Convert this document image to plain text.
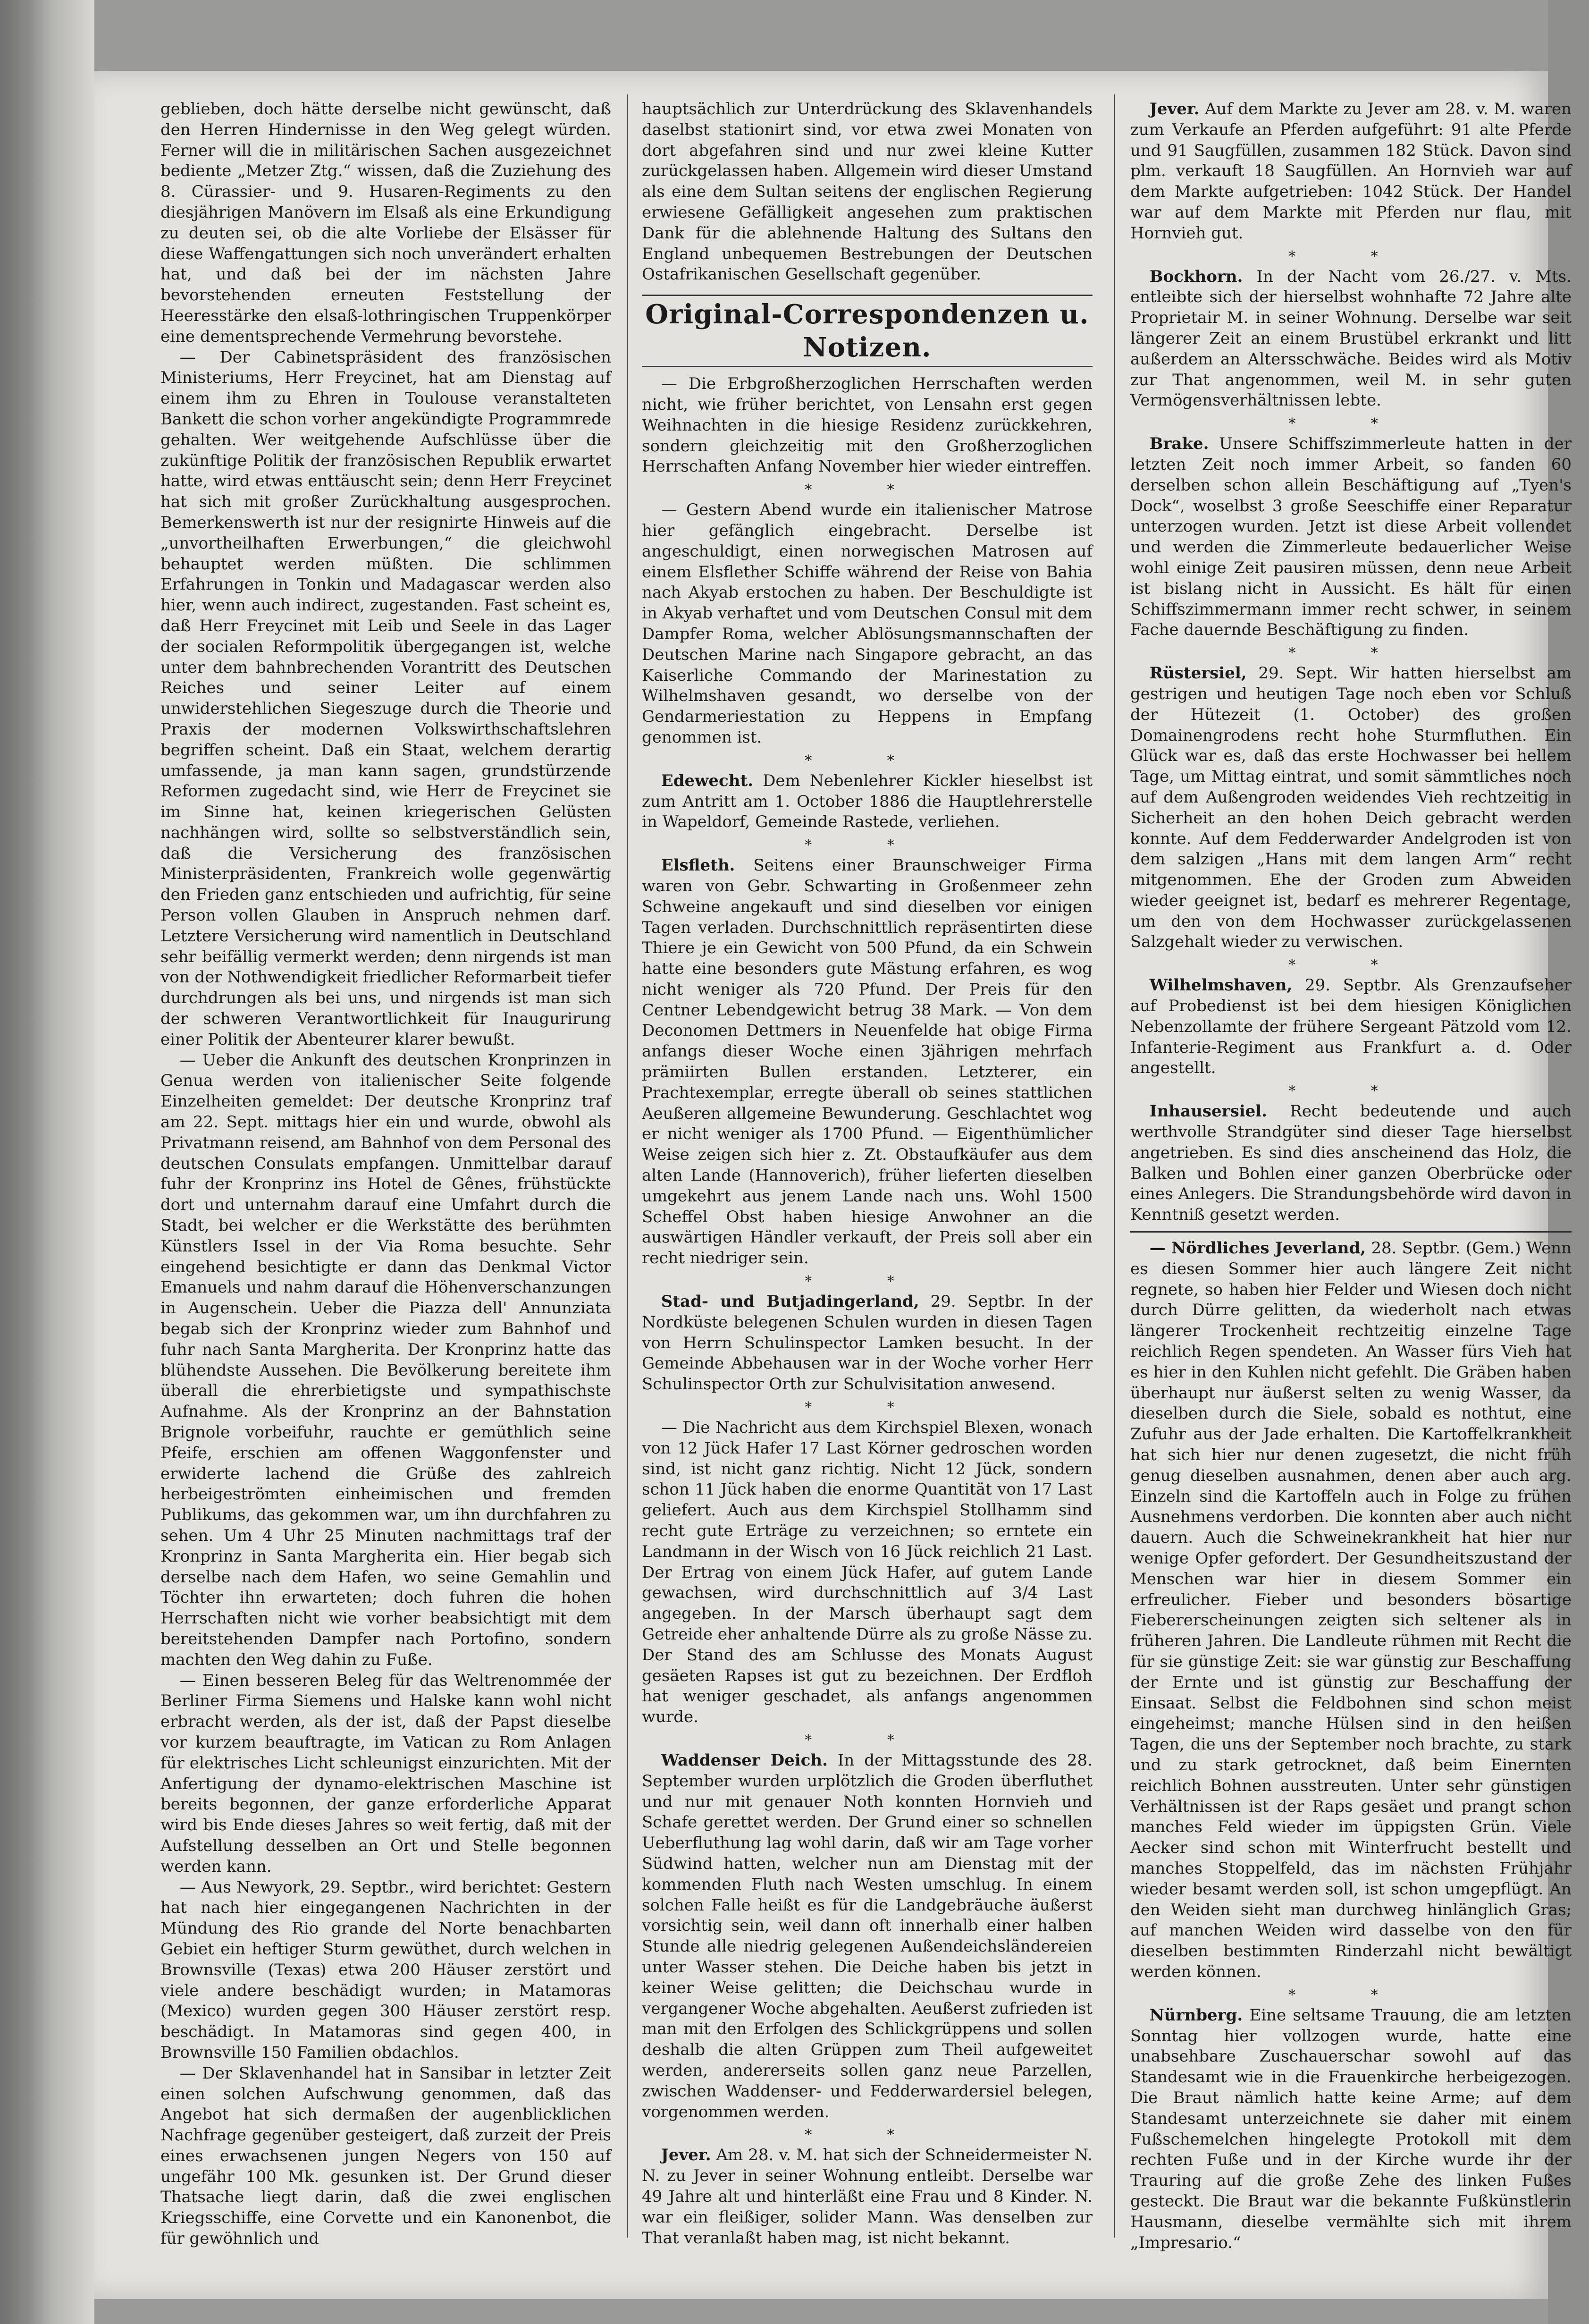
geblieben, doch hätte derselbe nicht gewünscht, daß den Herren Hindernisse in den Weg gelegt würden. Ferner will die in militärischen Sachen ausgezeichnet bediente „Metzer Ztg.“ wissen, daß die Zuziehung des 8. Cürassier- und 9. Husaren-Regiments zu den diesjährigen Manövern im Elsaß als eine Erkundigung zu deuten sei, ob die alte Vorliebe der Elsässer für diese Waffengattungen sich noch unverändert erhalten hat, und daß bei der im nächsten Jahre bevorstehenden erneuten Feststellung der Heeresstärke den elsaß-lothringischen Truppenkörper eine dementsprechende Vermehrung bevorstehe.

— Der Cabinetspräsident des französischen Ministeriums, Herr Freycinet, hat am Dienstag auf einem ihm zu Ehren in Toulouse veranstalteten Bankett die schon vorher angekündigte Programmrede gehalten. Wer weitgehende Aufschlüsse über die zukünftige Politik der französischen Republik erwartet hatte, wird etwas enttäuscht sein; denn Herr Freycinet hat sich mit großer Zurückhaltung ausgesprochen. Bemerkenswerth ist nur der resignirte Hinweis auf die „unvortheilhaften Erwerbungen,“ die gleichwohl behauptet werden müßten. Die schlimmen Erfahrungen in Tonkin und Madagascar werden also hier, wenn auch indirect, zugestanden. Fast scheint es, daß Herr Freycinet mit Leib und Seele in das Lager der socialen Reformpolitik übergegangen ist, welche unter dem bahnbrechenden Vorantritt des Deutschen Reiches und seiner Leiter auf einem unwiderstehlichen Siegeszuge durch die Theorie und Praxis der modernen Volkswirthschaftslehren begriffen scheint. Daß ein Staat, welchem derartig umfassende, ja man kann sagen, grundstürzende Reformen zugedacht sind, wie Herr de Freycinet sie im Sinne hat, keinen kriegerischen Gelüsten nachhängen wird, sollte so selbstverständlich sein, daß die Versicherung des französischen Ministerpräsidenten, Frankreich wolle gegenwärtig den Frieden ganz entschieden und aufrichtig, für seine Person vollen Glauben in Anspruch nehmen darf. Letztere Versicherung wird namentlich in Deutschland sehr beifällig vermerkt werden; denn nirgends ist man von der Nothwendigkeit friedlicher Reformarbeit tiefer durchdrungen als bei uns, und nirgends ist man sich der schweren Verantwortlichkeit für Inaugurirung einer Politik der Abenteurer klarer bewußt.

— Ueber die Ankunft des deutschen Kronprinzen in Genua werden von italienischer Seite folgende Einzelheiten gemeldet: Der deutsche Kronprinz traf am 22. Sept. mittags hier ein und wurde, obwohl als Privatmann reisend, am Bahnhof von dem Personal des deutschen Consulats empfangen. Unmittelbar darauf fuhr der Kronprinz ins Hotel de Gênes, frühstückte dort und unternahm darauf eine Umfahrt durch die Stadt, bei welcher er die Werkstätte des berühmten Künstlers Issel in der Via Roma besuchte. Sehr eingehend besichtigte er dann das Denkmal Victor Emanuels und nahm darauf die Höhenverschanzungen in Augenschein. Ueber die Piazza dell' Annunziata begab sich der Kronprinz wieder zum Bahnhof und fuhr nach Santa Margherita. Der Kronprinz hatte das blühendste Aussehen. Die Bevölkerung bereitete ihm überall die ehrerbietigste und sympathischste Aufnahme. Als der Kronprinz an der Bahnstation Brignole vorbeifuhr, rauchte er gemüthlich seine Pfeife, erschien am offenen Waggonfenster und erwiderte lachend die Grüße des zahlreich herbeigeströmten einheimischen und fremden Publikums, das gekommen war, um ihn durchfahren zu sehen. Um 4 Uhr 25 Minuten nachmittags traf der Kronprinz in Santa Margherita ein. Hier begab sich derselbe nach dem Hafen, wo seine Gemahlin und Töchter ihn erwarteten; doch fuhren die hohen Herrschaften nicht wie vorher beabsichtigt mit dem bereitstehenden Dampfer nach Portofino, sondern machten den Weg dahin zu Fuße.

— Einen besseren Beleg für das Weltrenommée der Berliner Firma Siemens und Halske kann wohl nicht erbracht werden, als der ist, daß der Papst dieselbe vor kurzem beauftragte, im Vatican zu Rom Anlagen für elektrisches Licht schleunigst einzurichten. Mit der Anfertigung der dynamo-elektrischen Maschine ist bereits begonnen, der ganze erforderliche Apparat wird bis Ende dieses Jahres so weit fertig, daß mit der Aufstellung desselben an Ort und Stelle begonnen werden kann.

— Aus Newyork, 29. Septbr., wird berichtet: Gestern hat nach hier eingegangenen Nachrichten in der Mündung des Rio grande del Norte benachbarten Gebiet ein heftiger Sturm gewüthet, durch welchen in Brownsville (Texas) etwa 200 Häuser zerstört und viele andere beschädigt wurden; in Matamoras (Mexico) wurden gegen 300 Häuser zerstört resp. beschädigt. In Matamoras sind gegen 400, in Brownsville 150 Familien obdachlos.

— Der Sklavenhandel hat in Sansibar in letzter Zeit einen solchen Aufschwung genommen, daß das Angebot hat sich dermaßen der augenblicklichen Nachfrage gegenüber gesteigert, daß zurzeit der Preis eines erwachsenen jungen Negers von 150 auf ungefähr 100 Mk. gesunken ist. Der Grund dieser Thatsache liegt darin, daß die zwei englischen Kriegsschiffe, eine Corvette und ein Kanonenbot, die für gewöhnlich und

hauptsächlich zur Unterdrückung des Sklavenhandels daselbst stationirt sind, vor etwa zwei Monaten von dort abgefahren sind und nur zwei kleine Kutter zurückgelassen haben. Allgemein wird dieser Umstand als eine dem Sultan seitens der englischen Regierung erwiesene Gefälligkeit angesehen zum praktischen Dank für die ablehnende Haltung des Sultans den England unbequemen Bestrebungen der Deutschen Ostafrikanischen Gesellschaft gegenüber.

Original-Correspondenzen u. Notizen.

— Die Erbgroßherzoglichen Herrschaften werden nicht, wie früher berichtet, von Lensahn erst gegen Weihnachten in die hiesige Residenz zurückkehren, sondern gleichzeitig mit den Großherzoglichen Herrschaften Anfang November hier wieder eintreffen.

* *

— Gestern Abend wurde ein italienischer Matrose hier gefänglich eingebracht. Derselbe ist angeschuldigt, einen norwegischen Matrosen auf einem Elsflether Schiffe während der Reise von Bahia nach Akyab erstochen zu haben. Der Beschuldigte ist in Akyab verhaftet und vom Deutschen Consul mit dem Dampfer Roma, welcher Ablösungsmannschaften der Deutschen Marine nach Singapore gebracht, an das Kaiserliche Commando der Marinestation zu Wilhelmshaven gesandt, wo derselbe von der Gendarmeriestation zu Heppens in Empfang genommen ist.

* *

Edewecht. Dem Nebenlehrer Kickler hieselbst ist zum Antritt am 1. October 1886 die Hauptlehrerstelle in Wapeldorf, Gemeinde Rastede, verliehen.

* *

Elsfleth. Seitens einer Braunschweiger Firma waren von Gebr. Schwarting in Großenmeer zehn Schweine angekauft und sind dieselben vor einigen Tagen verladen. Durchschnittlich repräsentirten diese Thiere je ein Gewicht von 500 Pfund, da ein Schwein hatte eine besonders gute Mästung erfahren, es wog nicht weniger als 720 Pfund. Der Preis für den Centner Lebendgewicht betrug 38 Mark. — Von dem Deconomen Dettmers in Neuenfelde hat obige Firma anfangs dieser Woche einen 3jährigen mehrfach prämiirten Bullen erstanden. Letzterer, ein Prachtexemplar, erregte überall ob seines stattlichen Aeußeren allgemeine Bewunderung. Geschlachtet wog er nicht weniger als 1700 Pfund. — Eigenthümlicher Weise zeigen sich hier z. Zt. Obstaufkäufer aus dem alten Lande (Hannoverich), früher lieferten dieselben umgekehrt aus jenem Lande nach uns. Wohl 1500 Scheffel Obst haben hiesige Anwohner an die auswärtigen Händler verkauft, der Preis soll aber ein recht niedriger sein.

* *

Stad- und Butjadingerland, 29. Septbr. In der Nordküste belegenen Schulen wurden in diesen Tagen von Herrn Schulinspector Lamken besucht. In der Gemeinde Abbehausen war in der Woche vorher Herr Schulinspector Orth zur Schulvisitation anwesend.

* *

— Die Nachricht aus dem Kirchspiel Blexen, wonach von 12 Jück Hafer 17 Last Körner gedroschen worden sind, ist nicht ganz richtig. Nicht 12 Jück, sondern schon 11 Jück haben die enorme Quantität von 17 Last geliefert. Auch aus dem Kirchspiel Stollhamm sind recht gute Erträge zu verzeichnen; so erntete ein Landmann in der Wisch von 16 Jück reichlich 21 Last. Der Ertrag von einem Jück Hafer, auf gutem Lande gewachsen, wird durchschnittlich auf 3/4 Last angegeben. In der Marsch überhaupt sagt dem Getreide eher anhaltende Dürre als zu große Nässe zu. Der Stand des am Schlusse des Monats August gesäeten Rapses ist gut zu bezeichnen. Der Erdfloh hat weniger geschadet, als anfangs angenommen wurde.

* *

Waddenser Deich. In der Mittagsstunde des 28. September wurden urplötzlich die Groden überfluthet und nur mit genauer Noth konnten Hornvieh und Schafe gerettet werden. Der Grund einer so schnellen Ueberfluthung lag wohl darin, daß wir am Tage vorher Südwind hatten, welcher nun am Dienstag mit der kommenden Fluth nach Westen umschlug. In einem solchen Falle heißt es für die Landgebräuche äußerst vorsichtig sein, weil dann oft innerhalb einer halben Stunde alle niedrig gelegenen Außendeichsländereien unter Wasser stehen. Die Deiche haben bis jetzt in keiner Weise gelitten; die Deichschau wurde in vergangener Woche abgehalten. Aeußerst zufrieden ist man mit den Erfolgen des Schlickgrüppens und sollen deshalb die alten Grüppen zum Theil aufgeweitet werden, andererseits sollen ganz neue Parzellen, zwischen Waddenser- und Fedderwardersiel belegen, vorgenommen werden.

* *

Jever. Am 28. v. M. hat sich der Schneidermeister N. N. zu Jever in seiner Wohnung entleibt. Derselbe war 49 Jahre alt und hinterläßt eine Frau und 8 Kinder. N. war ein fleißiger, solider Mann. Was denselben zur That veranlaßt haben mag, ist nicht bekannt.

Jever. Auf dem Markte zu Jever am 28. v. M. waren zum Verkaufe an Pferden aufgeführt: 91 alte Pferde und 91 Saugfüllen, zusammen 182 Stück. Davon sind plm. verkauft 18 Saugfüllen. An Hornvieh war auf dem Markte aufgetrieben: 1042 Stück. Der Handel war auf dem Markte mit Pferden nur flau, mit Hornvieh gut.

* *

Bockhorn. In der Nacht vom 26./27. v. Mts. entleibte sich der hierselbst wohnhafte 72 Jahre alte Proprietair M. in seiner Wohnung. Derselbe war seit längerer Zeit an einem Brustübel erkrankt und litt außerdem an Altersschwäche. Beides wird als Motiv zur That angenommen, weil M. in sehr guten Vermögensverhältnissen lebte.

* *

Brake. Unsere Schiffszimmerleute hatten in der letzten Zeit noch immer Arbeit, so fanden 60 derselben schon allein Beschäftigung auf „Tyen's Dock“, woselbst 3 große Seeschiffe einer Reparatur unterzogen wurden. Jetzt ist diese Arbeit vollendet und werden die Zimmerleute bedauerlicher Weise wohl einige Zeit pausiren müssen, denn neue Arbeit ist bislang nicht in Aussicht. Es hält für einen Schiffszimmermann immer recht schwer, in seinem Fache dauernde Beschäftigung zu finden.

* *

Rüstersiel, 29. Sept. Wir hatten hierselbst am gestrigen und heutigen Tage noch eben vor Schluß der Hütezeit (1. October) des großen Domainengrodens recht hohe Sturmfluthen. Ein Glück war es, daß das erste Hochwasser bei hellem Tage, um Mittag eintrat, und somit sämmtliches noch auf dem Außengroden weidendes Vieh rechtzeitig in Sicherheit an den hohen Deich gebracht werden konnte. Auf dem Fedderwarder Andelgroden ist von dem salzigen „Hans mit dem langen Arm“ recht mitgenommen. Ehe der Groden zum Abweiden wieder geeignet ist, bedarf es mehrerer Regentage, um den von dem Hochwasser zurückgelassenen Salzgehalt wieder zu verwischen.

* *

Wilhelmshaven, 29. Septbr. Als Grenzaufseher auf Probedienst ist bei dem hiesigen Königlichen Nebenzollamte der frühere Sergeant Pätzold vom 12. Infanterie-Regiment aus Frankfurt a. d. Oder angestellt.

* *

Inhausersiel. Recht bedeutende und auch werthvolle Strandgüter sind dieser Tage hierselbst angetrieben. Es sind dies anscheinend das Holz, die Balken und Bohlen einer ganzen Oberbrücke oder eines Anlegers. Die Strandungsbehörde wird davon in Kenntniß gesetzt werden.

— Nördliches Jeverland, 28. Septbr. (Gem.) Wenn es diesen Sommer hier auch längere Zeit nicht regnete, so haben hier Felder und Wiesen doch nicht durch Dürre gelitten, da wiederholt nach etwas längerer Trockenheit rechtzeitig einzelne Tage reichlich Regen spendeten. An Wasser fürs Vieh hat es hier in den Kuhlen nicht gefehlt. Die Gräben haben überhaupt nur äußerst selten zu wenig Wasser, da dieselben durch die Siele, sobald es nothtut, eine Zufuhr aus der Jade erhalten. Die Kartoffelkrankheit hat sich hier nur denen zugesetzt, die nicht früh genug dieselben ausnahmen, denen aber auch arg. Einzeln sind die Kartoffeln auch in Folge zu frühen Ausnehmens verdorben. Die konnten aber auch nicht dauern. Auch die Schweinekrankheit hat hier nur wenige Opfer gefordert. Der Gesundheitszustand der Menschen war hier in diesem Sommer ein erfreulicher. Fieber und besonders bösartige Fiebererscheinungen zeigten sich seltener als in früheren Jahren. Die Landleute rühmen mit Recht die für sie günstige Zeit: sie war günstig zur Beschaffung der Ernte und ist günstig zur Beschaffung der Einsaat. Selbst die Feldbohnen sind schon meist eingeheimst; manche Hülsen sind in den heißen Tagen, die uns der September noch brachte, zu stark und zu stark getrocknet, daß beim Einernten reichlich Bohnen ausstreuten. Unter sehr günstigen Verhältnissen ist der Raps gesäet und prangt schon manches Feld wieder im üppigsten Grün. Viele Aecker sind schon mit Winterfrucht bestellt und manches Stoppelfeld, das im nächsten Frühjahr wieder besamt werden soll, ist schon umgepflügt. An den Weiden sieht man durchweg hinlänglich Gras; auf manchen Weiden wird dasselbe von den für dieselben bestimmten Rinderzahl nicht bewältigt werden können.

* *

Nürnberg. Eine seltsame Trauung, die am letzten Sonntag hier vollzogen wurde, hatte eine unabsehbare Zuschauerschar sowohl auf das Standesamt wie in die Frauenkirche herbeigezogen. Die Braut nämlich hatte keine Arme; auf dem Standesamt unterzeichnete sie daher mit einem Fußschemelchen hingelegte Protokoll mit dem rechten Fuße und in der Kirche wurde ihr der Trauring auf die große Zehe des linken Fußes gesteckt. Die Braut war die bekannte Fußkünstlerin Hausmann, dieselbe vermählte sich mit ihrem „Impresario.“
